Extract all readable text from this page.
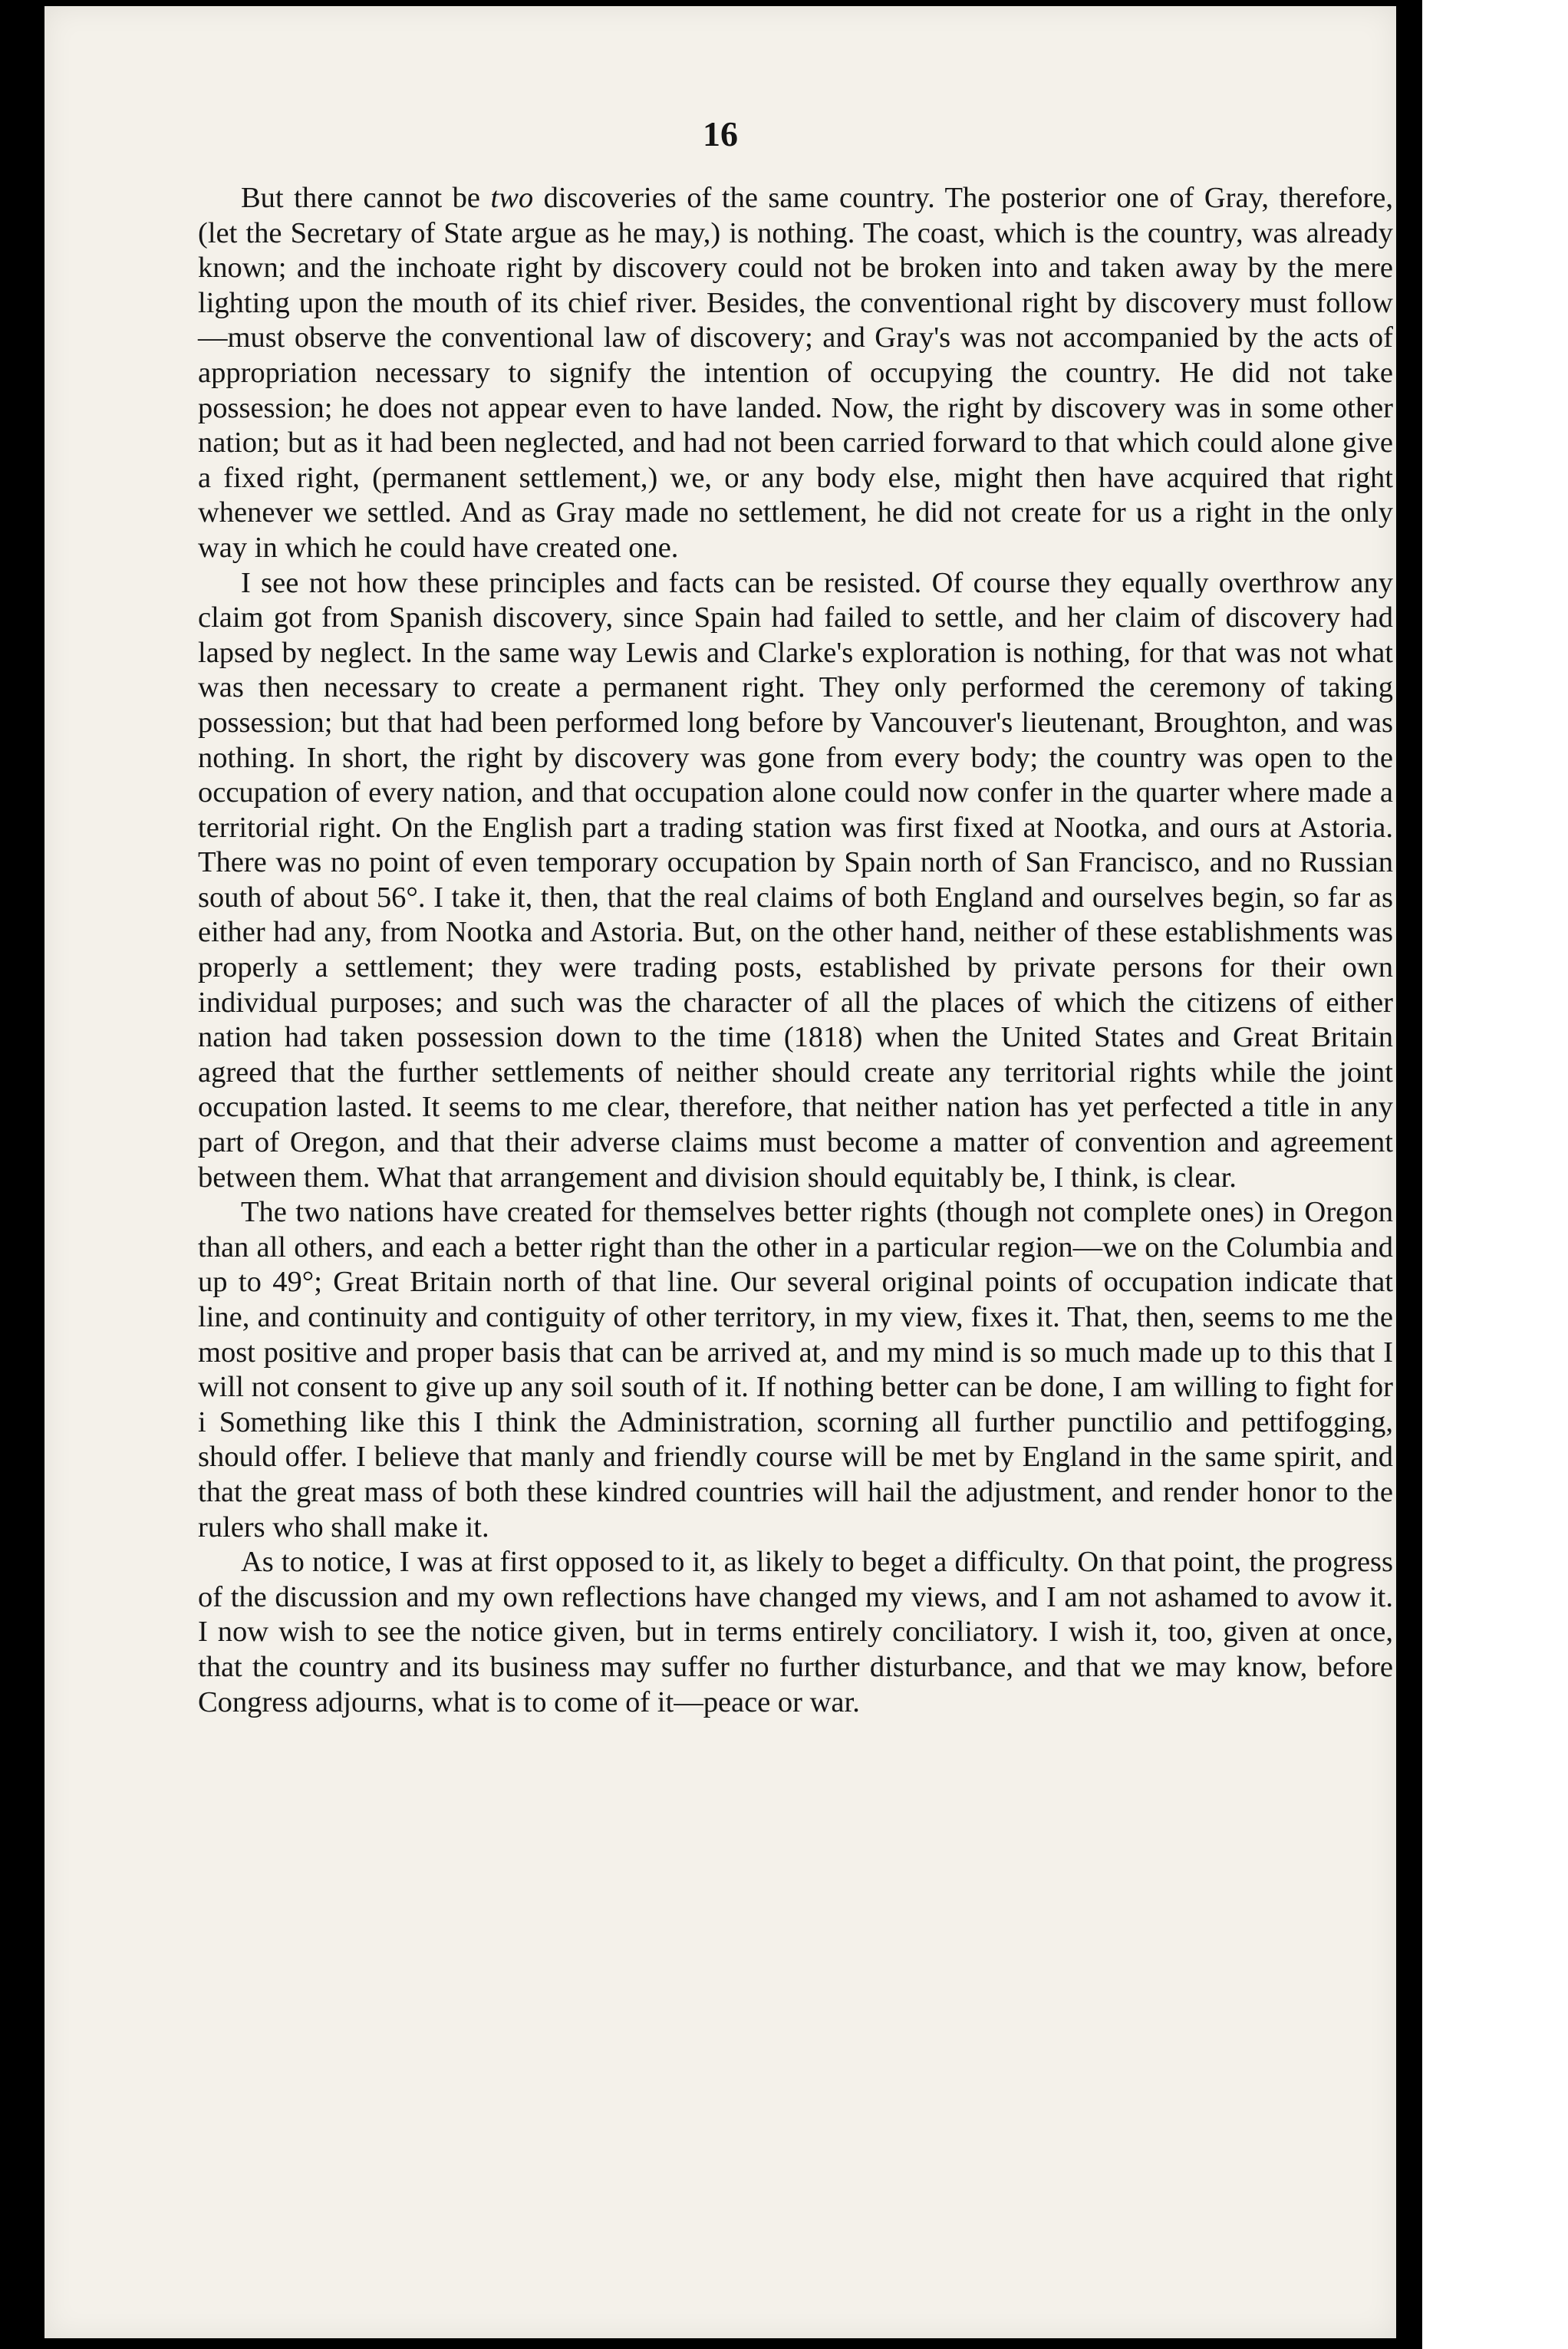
16

But there cannot be two discoveries of the same country. The posterior one of Gray, therefore, (let the Secretary of State argue as he may,) is nothing. The coast, which is the country, was already known; and the inchoate right by discovery could not be broken into and taken away by the mere lighting upon the mouth of its chief river. Besides, the conventional right by discovery must follow—must observe the conventional law of discovery; and Gray's was not accompanied by the acts of appropriation necessary to signify the intention of occupying the country. He did not take possession; he does not appear even to have landed. Now, the right by discovery was in some other nation; but as it had been neglected, and had not been carried forward to that which could alone give a fixed right, (permanent settlement,) we, or any body else, might then have acquired that right whenever we settled. And as Gray made no settlement, he did not create for us a right in the only way in which he could have created one.

I see not how these principles and facts can be resisted. Of course they equally overthrow any claim got from Spanish discovery, since Spain had failed to settle, and her claim of discovery had lapsed by neglect. In the same way Lewis and Clarke's exploration is nothing, for that was not what was then necessary to create a permanent right. They only performed the ceremony of taking possession; but that had been performed long before by Vancouver's lieutenant, Broughton, and was nothing. In short, the right by discovery was gone from every body; the country was open to the occupation of every nation, and that occupation alone could now confer in the quarter where made a territorial right. On the English part a trading station was first fixed at Nootka, and ours at Astoria. There was no point of even temporary occupation by Spain north of San Francisco, and no Russian south of about 56°. I take it, then, that the real claims of both England and ourselves begin, so far as either had any, from Nootka and Astoria. But, on the other hand, neither of these establishments was properly a settlement; they were trading posts, established by private persons for their own individual purposes; and such was the character of all the places of which the citizens of either nation had taken possession down to the time (1818) when the United States and Great Britain agreed that the further settlements of neither should create any territorial rights while the joint occupation lasted. It seems to me clear, therefore, that neither nation has yet perfected a title in any part of Oregon, and that their adverse claims must become a matter of convention and agreement between them. What that arrangement and division should equitably be, I think, is clear.

The two nations have created for themselves better rights (though not complete ones) in Oregon than all others, and each a better right than the other in a particular region—we on the Columbia and up to 49°; Great Britain north of that line. Our several original points of occupation indicate that line, and continuity and contiguity of other territory, in my view, fixes it. That, then, seems to me the most positive and proper basis that can be arrived at, and my mind is so much made up to this that I will not consent to give up any soil south of it. If nothing better can be done, I am willing to fight for i Something like this I think the Administration, scorning all further punctilio and pettifogging, should offer. I believe that manly and friendly course will be met by England in the same spirit, and that the great mass of both these kindred countries will hail the adjustment, and render honor to the rulers who shall make it.

As to notice, I was at first opposed to it, as likely to beget a difficulty. On that point, the progress of the discussion and my own reflections have changed my views, and I am not ashamed to avow it. I now wish to see the notice given, but in terms entirely conciliatory. I wish it, too, given at once, that the country and its business may suffer no further disturbance, and that we may know, before Congress adjourns, what is to come of it—peace or war.
